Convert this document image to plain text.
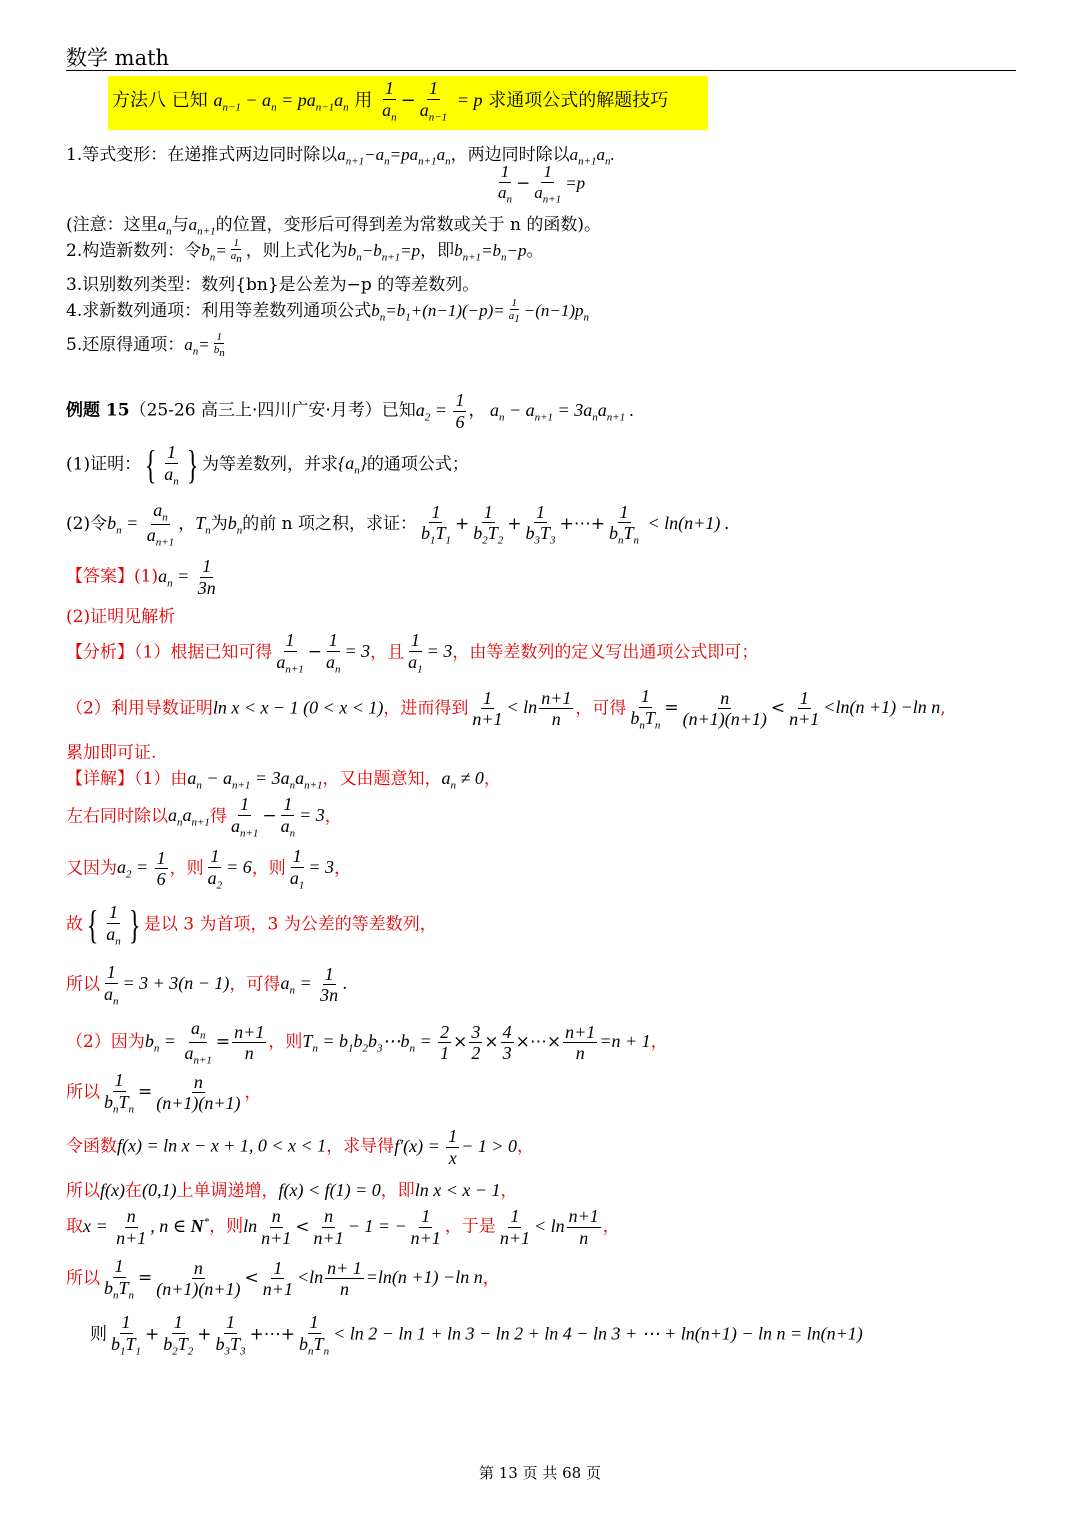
数学 math
方法八 已知 $a_{n-1} - a_n = pa_{n-1}a_n$ 用 $\frac{1}{a_n} - \frac{1}{a_{n-1}} = p$ 求通项公式的解题技巧
1.等式变形：在递推式两边同时除以$a_{n+1}-a_n=pa_{n+1}a_n$，两边同时除以$a_{n+1}a_n$.
$\frac{1}{a_n} - \frac{1}{a_{n+1}} =p$
(注意：这里$a_n$与$a_{n+1}$的位置，变形后可得到差为常数或关于 n 的函数)。
2.构造新数列：令$b_n= \frac{1}{a_n}$ ，则上式化为$b_n-b_{n+1}=p$，即$b_{n+1}=b_n-p$。
3.识别数列类型：数列{bn}是公差为−p 的等差数列。
4.求新数列通项：利用等差数列通项公式$b_n=b_1+(n-1)(-p)= \frac{1}{a_1} -(n-1)p_n$
5.还原得通项：$a_n= \frac{1}{b_n}$
例题 15（25-26 高三上·四川广安·月考）已知$a_2 = \frac{1}{6}$ ， $a_n - a_{n+1} = 3a_na_{n+1}$ .
(1)证明：{ $\frac{1}{a_n}$ } 为等差数列，并求$\{a_n\}$的通项公式；
(2)令$b_n = \frac{a_n}{a_{n+1}}$ ，$T_n$为$b_n$的前 n 项之积，求证： $\frac{1}{b_1T_1} + \frac{1}{b_2T_2} + \frac{1}{b_3T_3}$ +⋯+ $\frac{1}{b_nT_n} < \ln(n+1)$ .
【答案】$(1)a_n = \frac{1}{3n}$
(2)证明见解析
【分析】（1）根据已知可得 $\frac{1}{a_{n+1}} - \frac{1}{a_n} = 3$，且 $\frac{1}{a_1} = 3$，由等差数列的定义写出通项公式即可；
（2）利用导数证明ln x < x − 1 (0 < x < 1)，进而得到 $\frac{1}{n+1} < \ln \frac{n+1}{n}$ ，可得 $\frac{1}{b_nT_n} = \frac{n}{(n+1)(n+1)} < \frac{1}{n+1} <\ln(n +1) -\ln$ n,
累加即可证.
【详解】（1）由$a_n - a_{n+1} = 3a_na_{n+1}$，又由题意知，$a_n \ne 0$，
左右同时除以$a_na_{n+1}$得 $\frac{1}{a_{n+1}} - \frac{1}{a_n} = 3$，
又因为$a_2 = \frac{1}{6}$ ，则 $\frac{1}{a_2} = 6$，则 $\frac{1}{a_1} = 3$，
故{ $\frac{1}{a_n}$ } 是以 3 为首项，3 为公差的等差数列，
所以 $\frac{1}{a_n} = 3 + 3(n - 1)$，可得$a_n = \frac{1}{3n}$ .
（2）因为$b_n = \frac{a_n}{a_{n+1}} = \frac{n+1}{n}$ ，则$T_n$ = $b_1b_2b_3\cdots b_n = \frac{2}{1} \times \frac{3}{2} \times \frac{4}{3}$ ×⋯× $\frac{n+1}{n} =n + 1$，
所以 $\frac{1}{b_nT_n} = \frac{n}{(n+1)(n+1)}$ ，
令函数f(x) = ln x − x + 1, 0 < x < 1，求导得$f'(x) = \frac{1}{x} - 1 > 0$，
所以f(x)在(0,1)上单调递增，f(x) < f(1) = 0，即ln x < x − 1，
取$x = \frac{n}{n+1}$ , n ∈ N*，则$\ln \frac{n}{n+1} < \frac{n}{n+1} - 1$ = − $\frac{1}{n+1}$ ，于是 $\frac{1}{n+1} < \ln \frac{n+1}{n}$ ，
所以 $\frac{1}{b_nT_n} = \frac{n}{(n+1)(n+1)} < \frac{1}{n+1} <\ln \frac{n+ 1}{n} =\ln(n +1) -\ln$ n，
则 $\frac{1}{b_1T_1} + \frac{1}{b_2T_2} + \frac{1}{b_3T_3}$ +⋯+ $\frac{1}{b_nT_n} < \ln 2 - \ln 1 + \ln 3 - \ln 2 + \ln 4 - \ln 3$ + ⋯ + ln(n+1) − ln n = ln(n+1)
第 13 页 共 68 页
